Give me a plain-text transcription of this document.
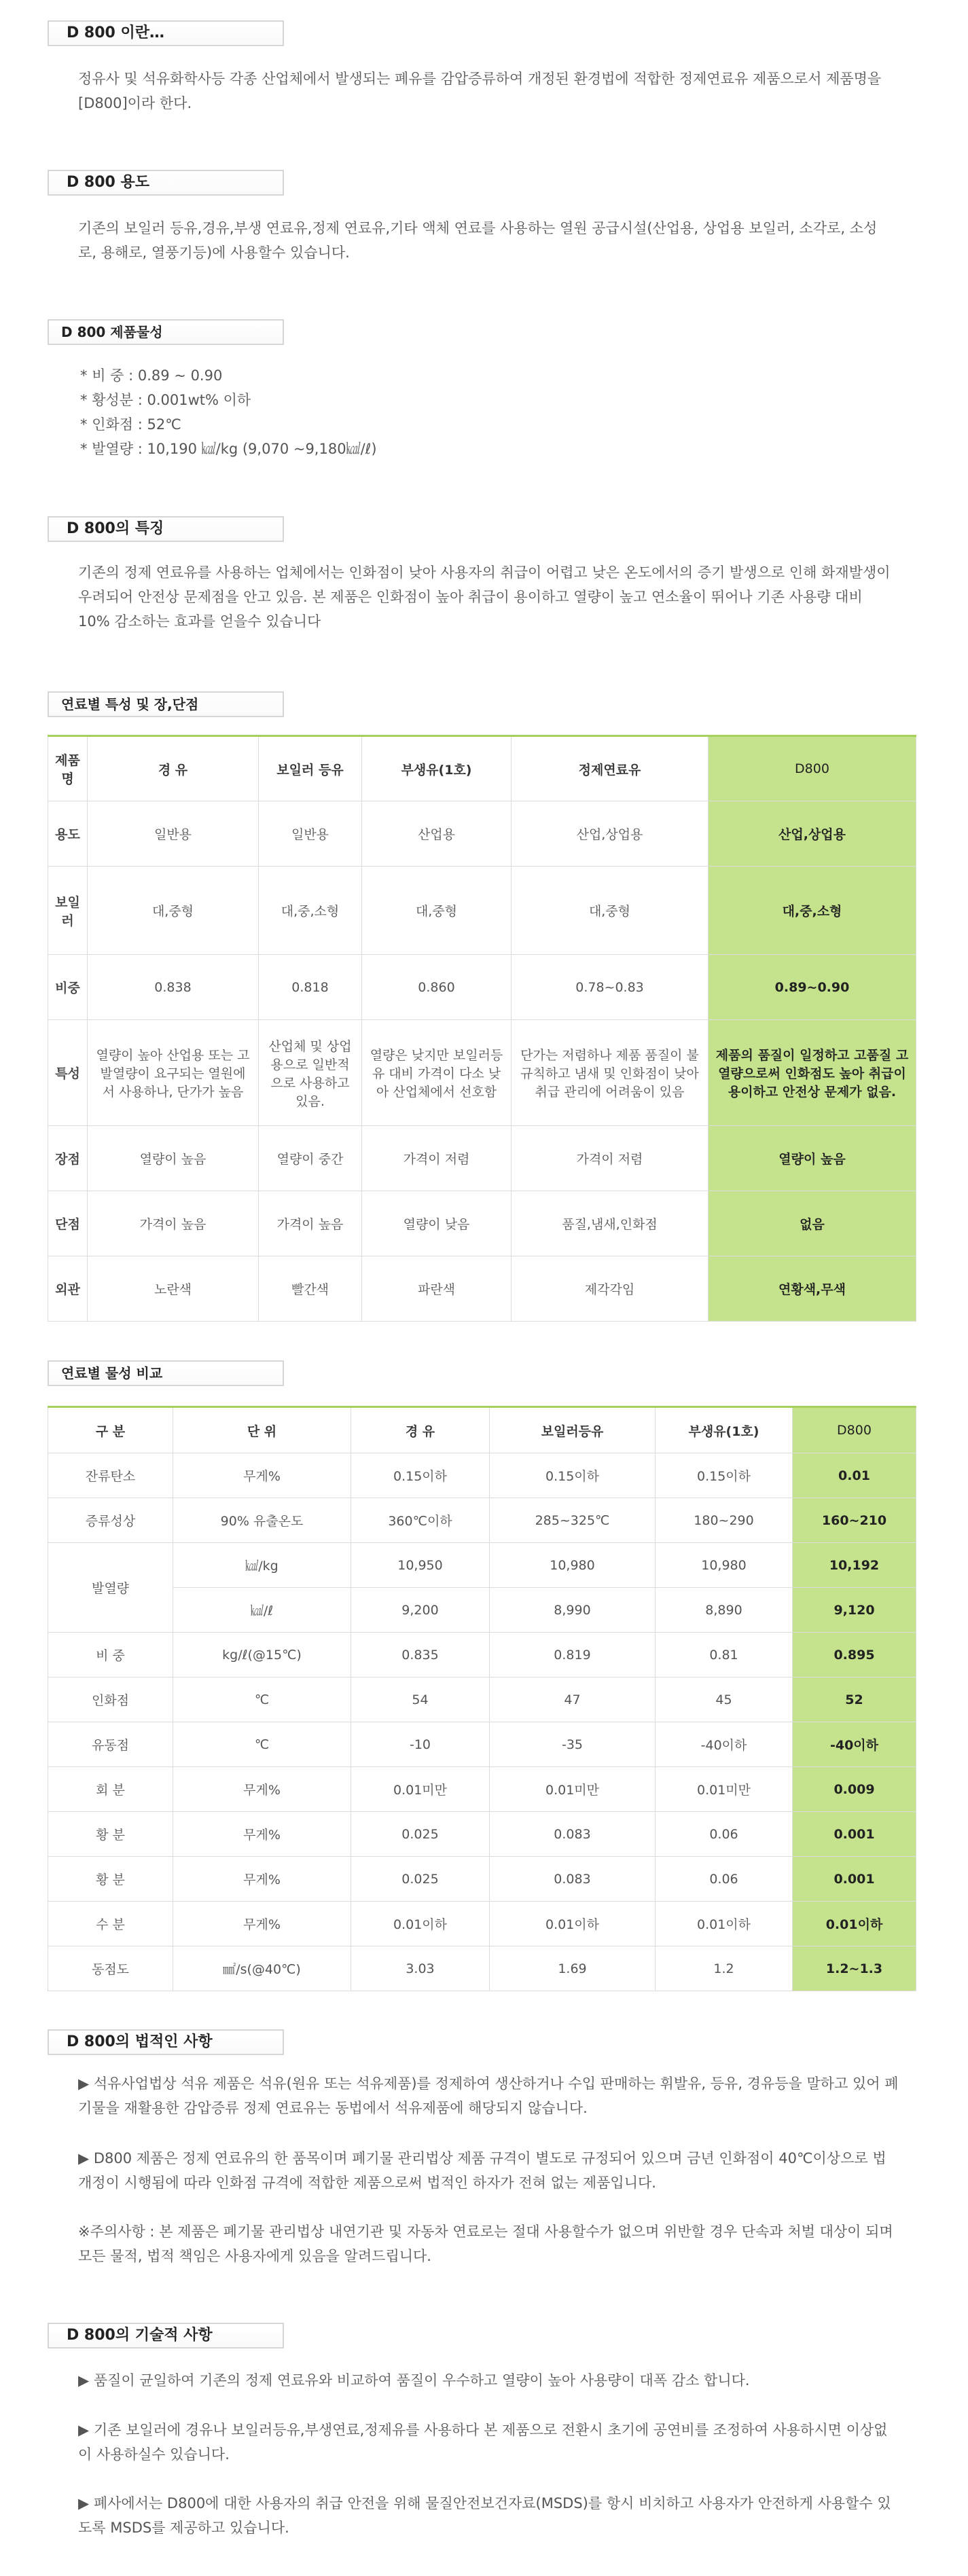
D 800 이란…

정유사 및 석유화학사등 각종 산업체에서 발생되는 폐유를 감압증류하여 개정된 환경법에 적합한 정제연료유 제품으로서 제품명을 [D800]이라 한다.

D 800 용도

기존의 보일러 등유,경유,부생 연료유,정제 연료유,기타 액체 연료를 사용하는 열원 공급시설(산업용, 상업용 보일러, 소각로, 소성로, 용해로, 열풍기등)에 사용할수 있습니다.

D 800 제품물성
* 비 중 : 0.89 ~ 0.90
* 황성분 : 0.001wt% 이하
* 인화점 : 52℃
* 발열량 : 10,190 ㎉/kg (9,070 ~9,180㎉/ℓ)
D 800의 특징

기존의 정제 연료유를 사용하는 업체에서는 인화점이 낮아 사용자의 취급이 어렵고 낮은 온도에서의 증기 발생으로 인해 화재발생이 우려되어 안전상 문제점을 안고 있음. 본 제품은 인화점이 높아 취급이 용이하고 열량이 높고 연소율이 뛰어나 기존 사용량 대비 10% 감소하는 효과를 얻을수 있습니다

연료별 특성 및 장,단점
제품명	경 유	보일러 등유	부생유(1호)	정제연료유	D800
용도	일반용	일반용	산업용	산업,상업용	산업,상업용
보일러	대,중형	대,중,소형	대,중형	대,중형	대,중,소형
비중	0.838	0.818	0.860	0.78~0.83	0.89~0.90
특성	열량이 높아 산업용 또는 고발열량이 요구되는 열원에서 사용하나, 단가가 높음	산업체 및 상업용으로 일반적으로 사용하고있음.	열량은 낮지만 보일러등유 대비 가격이 다소 낮아 산업체에서 선호함	단가는 저렴하나 제품 품질이 불규칙하고 냄새 및 인화점이 낮아 취급 관리에 어려움이 있음	제품의 품질이 일정하고 고품질 고열량으로써 인화점도 높아 취급이 용이하고 안전상 문제가 없음.
장점	열량이 높음	열량이 중간	가격이 저렴	가격이 저렴	열량이 높음
단점	가격이 높음	가격이 높음	열량이 낮음	품질,냄새,인화점	없음
외관	노란색	빨간색	파란색	제각각임	연황색,무색
연료별 물성 비교
구 분	단 위	경 유	보일러등유	부생유(1호)	D800
잔류탄소	무게%	0.15이하	0.15이하	0.15이하	0.01
증류성상	90% 유출온도	360℃이하	285~325℃	180~290	160~210
발열량	㎉/kg	10,950	10,980	10,980	10,192
	㎉/ℓ	9,200	8,990	8,890	9,120
비 중	kg/ℓ(@15℃)	0.835	0.819	0.81	0.895
인화점	℃	54	47	45	52
유동점	℃	-10	-35	-40이하	-40이하
회 분	무게%	0.01미만	0.01미만	0.01미만	0.009
황 분	무게%	0.025	0.083	0.06	0.001
황 분	무게%	0.025	0.083	0.06	0.001
수 분	무게%	0.01이하	0.01이하	0.01이하	0.01이하
동점도	㎟/s(@40℃)	3.03	1.69	1.2	1.2~1.3
D 800의 법적인 사항

▶ 석유사업법상 석유 제품은 석유(원유 또는 석유제품)를 정제하여 생산하거나 수입 판매하는 휘발유, 등유, 경유등을 말하고 있어 폐기물을 재활용한 감압증류 정제 연료유는 동법에서 석유제품에 해당되지 않습니다.

▶ D800 제품은 정제 연료유의 한 품목이며 폐기물 관리법상 제품 규격이 별도로 규정되어 있으며 금년 인화점이 40℃이상으로 법 개정이 시행됨에 따라 인화점 규격에 적합한 제품으로써 법적인 하자가 전혀 없는 제품입니다.

※주의사항 : 본 제품은 폐기물 관리법상 내연기관 및 자동차 연료로는 절대 사용할수가 없으며 위반할 경우 단속과 처벌 대상이 되며 모든 물적, 법적 책임은 사용자에게 있음을 알려드립니다.

D 800의 기술적 사항

▶ 품질이 균일하여 기존의 정제 연료유와 비교하여 품질이 우수하고 열량이 높아 사용량이 대폭 감소 합니다.

▶ 기존 보일러에 경유나 보일러등유,부생연료,정제유를 사용하다 본 제품으로 전환시 초기에 공연비를 조정하여 사용하시면 이상없이 사용하실수 있습니다.

▶ 폐사에서는 D800에 대한 사용자의 취급 안전을 위해 물질안전보건자료(MSDS)를 항시 비치하고 사용자가 안전하게 사용할수 있도록 MSDS를 제공하고 있습니다.
